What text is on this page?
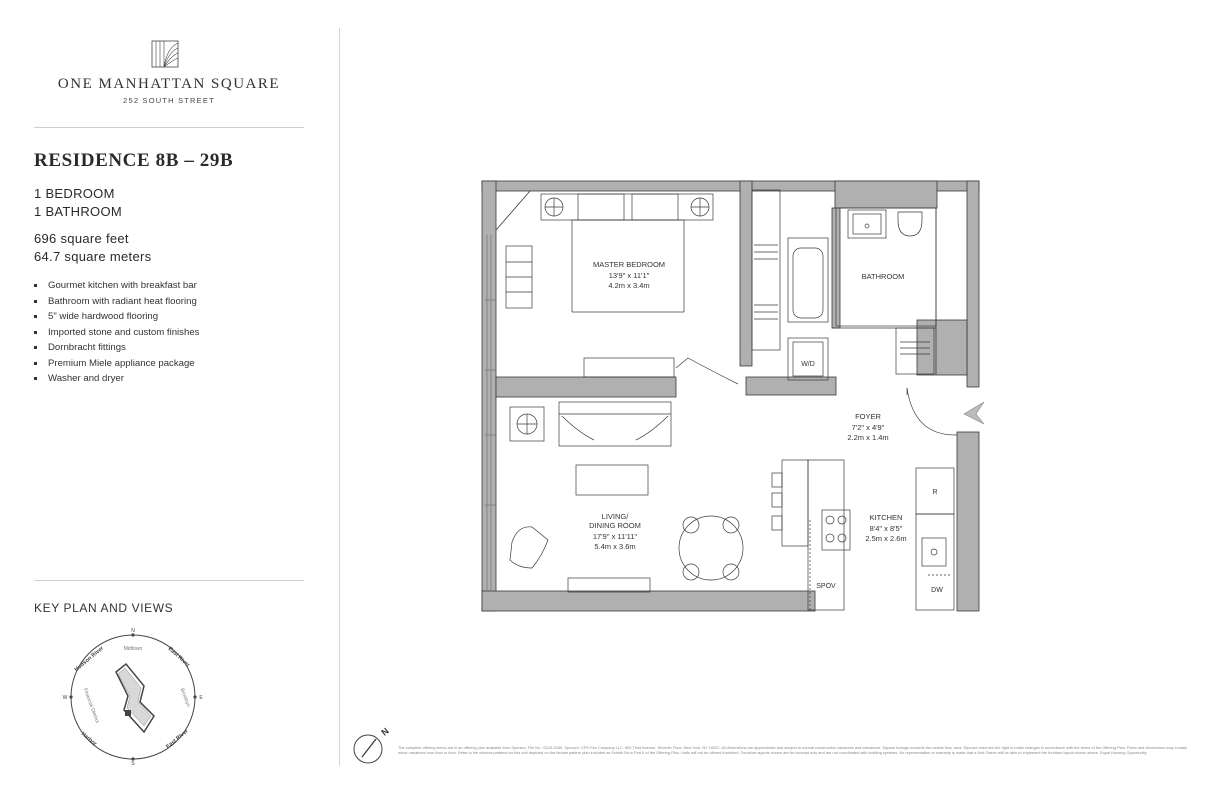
ONE MANHATTAN SQUARE
252 SOUTH STREET
RESIDENCE 8B – 29B
1 BEDROOM
1 BATHROOM
696 square feet
64.7 square meters
Gourmet kitchen with breakfast bar
Bathroom with radiant heat flooring
5" wide hardwood flooring
Imported stone and custom finishes
Dornbracht fittings
Premium Miele appliance package
Washer and dryer
KEY PLAN AND VIEWS
N
S
W	E
Hudson River	East River
East River
Harbor
Midtown
Brooklyn
Financial District
MASTER BEDROOM
13'9" x 11'1"
4.2m x 3.4m
BATHROOM
FOYER
7'2" x 4'9"
2.2m x 1.4m
LIVING/
DINING ROOM
17'9" x 11'11"
5.4m x 3.6m
KITCHEN
8'4" x 8'5"
2.5m x 2.6m
W/D
R
DW
SPOV
N
The complete offering terms are in an offering plan available from Sponsor. File No. CD15-0185. Sponsor: CPS Fee Company LLC, 800 Third Avenue, Seventh Floor, New York, NY 10022. All dimensions are approximate and subject to normal construction variances and tolerances. Square footage exceeds the usable floor area. Sponsor reserves the right to make changes in accordance with the terms of the Offering Plan. Plans and dimensions may contain minor variations from floor to floor. Refer to the window patterns for this unit depicted on the facade pattern plan included as Exhibit 5A in Part II of the Offering Plan. Units will not be offered furnished. Furniture layouts shown are for concept only and are not coordinated with building systems. No representation or warranty is made that a Unit Owner will be able to implement the furniture layout shown above. Equal Housing Opportunity.
